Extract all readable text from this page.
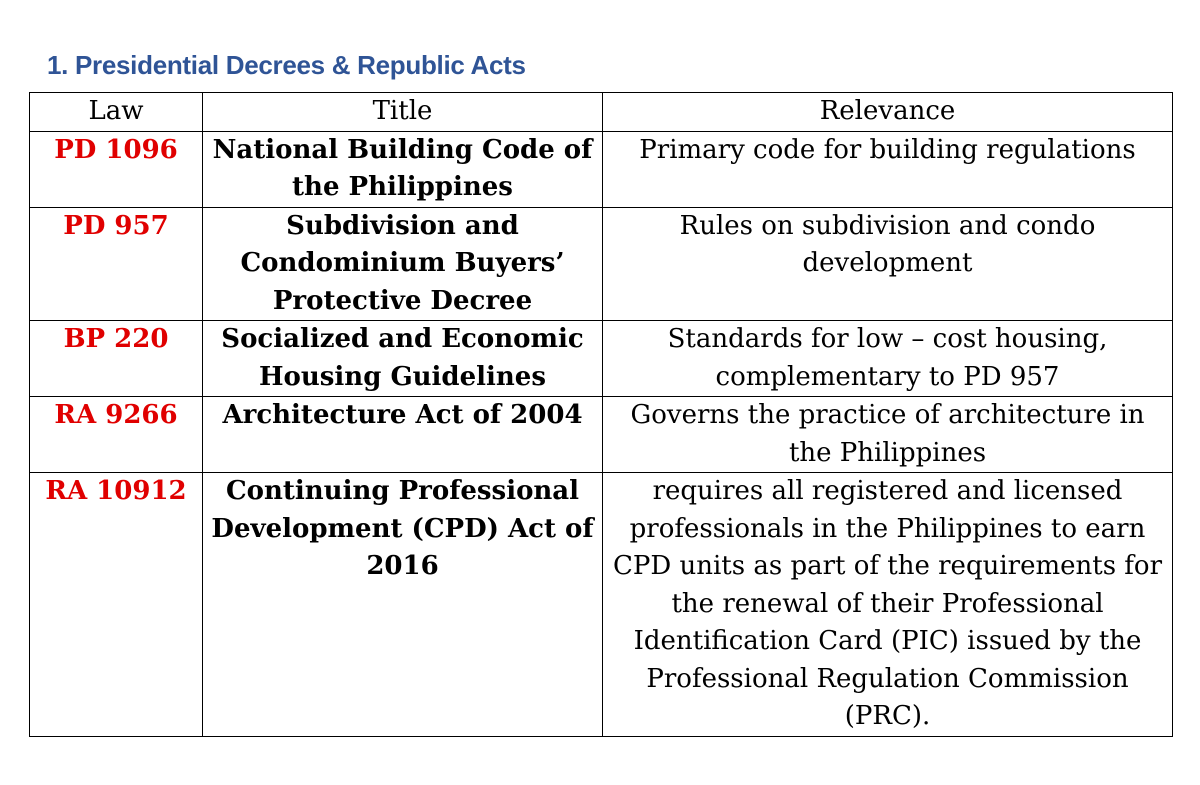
1. Presidential Decrees & Republic Acts
Law	Title	Relevance
PD 1096	National Building Code of the Philippines	Primary code for building regulations
PD 957	Subdivision and Condominium Buyers’ Protective Decree	Rules on subdivision and condo development
BP 220	Socialized and Economic Housing Guidelines	Standards for low – cost housing, complementary to PD 957
RA 9266	Architecture Act of 2004	Governs the practice of architecture in the Philippines
RA 10912	Continuing Professional Development (CPD) Act of 2016	requires all registered and licensed professionals in the Philippines to earn CPD units as part of the requirements for the renewal of their Professional Identification Card (PIC) issued by the Professional Regulation Commission (PRC).
